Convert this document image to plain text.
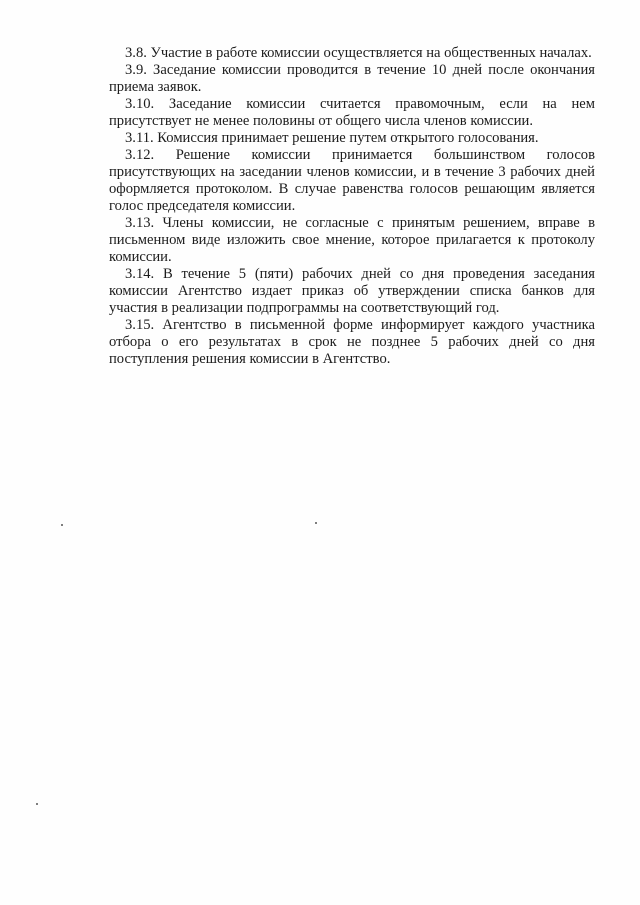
3.8. Участие в работе комиссии осуществляется на общественных началах.

3.9. Заседание комиссии проводится в течение 10 дней после окончания приема заявок.

3.10. Заседание комиссии считается правомочным, если на нем присутствует не менее половины от общего числа членов комиссии.

3.11. Комиссия принимает решение путем открытого голосования.

3.12. Решение комиссии принимается большинством голосов присутствующих на заседании членов комиссии, и в течение 3 рабочих дней оформляется протоколом. В случае равенства голосов решающим является голос председателя комиссии.

3.13. Члены комиссии, не согласные с принятым решением, вправе в письменном виде изложить свое мнение, которое прилагается к протоколу комиссии.

3.14. В течение 5 (пяти) рабочих дней со дня проведения заседания комиссии Агентство издает приказ об утверждении списка банков для участия в реализации подпрограммы на соответствующий год.

3.15. Агентство в письменной форме информирует каждого участника отбора о его результатах в срок не позднее 5 рабочих дней со дня поступления решения комиссии в Агентство.
